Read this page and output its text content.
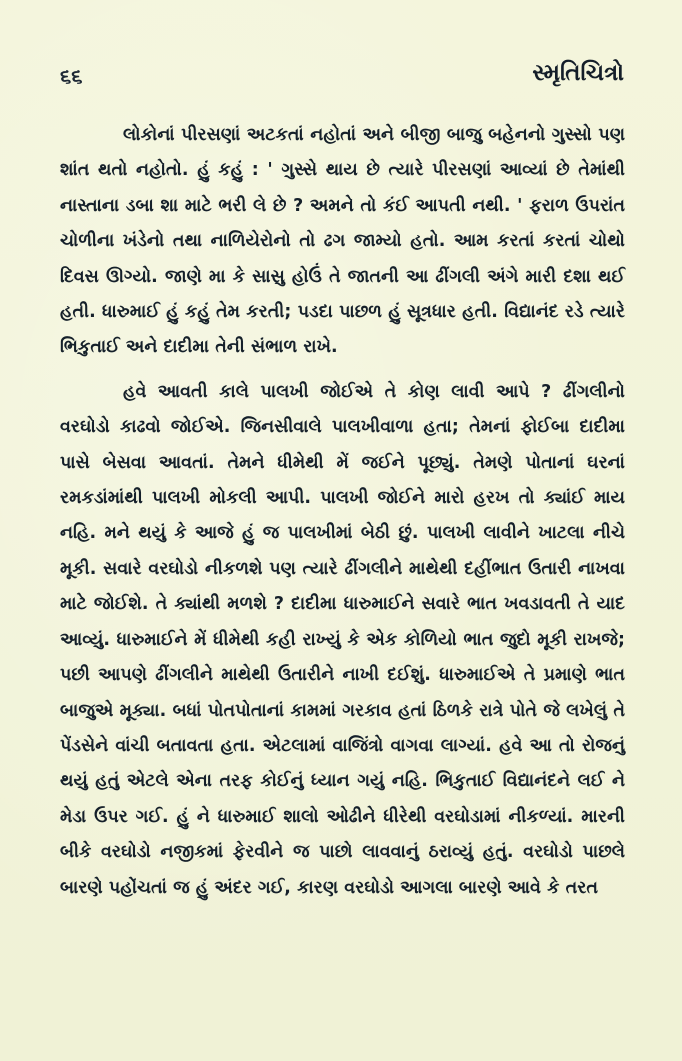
૬૬	સ્મૃતિચિત્રો

લોકોનાં પીરસણાં અટકતાં નહોતાં અને બીજી બાજુ બહેનનો ગુસ્સો પણ શાંત થતો નહોતો. હું કહું : ' ગુસ્સે થાય છે ત્યારે પીરસણાં આવ્યાં છે તેમાંથી નાસ્તાના ડબા શા માટે ભરી લે છે ? અમને તો કંઈ આપતી નથી. ' ફરાળ ઉપરાંત ચોળીના ખંડેનો તથા નાળિયેરોનો તો ઢગ જામ્યો હતો. આમ કરતાં કરતાં ચોથો દિવસ ઊગ્યો. જાણે મા કે સાસુ હોઉં તે જાતની આ ઢીંગલી અંગે મારી દશા થઈ હતી. ધારુમાઈ હું કહું તેમ કરતી; પડદા પાછળ હું સૂત્રધાર હતી. વિદ્યાનંદ રડે ત્યારે ભિકુતાઈ અને દાદીમા તેની સંભાળ રાખે.

હવે આવતી કાલે પાલખી જોઈએ તે કોણ લાવી આપે ? ઢીંગલીનો વરઘોડો કાઢવો જોઈએ. જિનસીવાલે પાલખીવાળા હતા; તેમનાં ફોઈબા દાદીમા પાસે બેસવા આવતાં. તેમને ધીમેથી મેં જઈને પૂછ્યું. તેમણે પોતાનાં ઘરનાં રમકડાંમાંથી પાલખી મોકલી આપી. પાલખી જોઈને મારો હરખ તો ક્યાંઈ માય નહિ. મને થયું કે આજે હું જ પાલખીમાં બેઠી છું. પાલખી લાવીને ખાટલા નીચે મૂકી. સવારે વરઘોડો નીકળશે પણ ત્યારે ઢીંગલીને માથેથી દહીંભાત ઉતારી નાખવા માટે જોઈશે. તે ક્યાંથી મળશે ? દાદીમા ધારુમાઈને સવારે ભાત ખવડાવતી તે યાદ આવ્યું. ધારુમાઈને મેં ધીમેથી કહી રાખ્યું કે એક કોળિયો ભાત જુદો મૂકી રાખજે; પછી આપણે ઢીંગલીને માથેથી ઉતારીને નાખી દઈશું. ધારુમાઈએ તે પ્રમાણે ભાત બાજુએ મૂક્યા. બધાં પોતપોતાનાં કામમાં ગરકાવ હતાં ઠિળકે રાત્રે પોતે જે લખેલું તે પેંડસેને વાંચી બતાવતા હતા. એટલામાં વાજિંત્રો વાગવા લાગ્યાં. હવે આ તો રોજનું થયું હતું એટલે એના તરફ કોઈનું ધ્યાન ગયું નહિ. ભિકુતાઈ વિદ્યાનંદને લઈ ને મેડા ઉપર ગઈ. હું ને ધારુમાઈ શાલો ઓઢીને ધીરેથી વરઘોડામાં નીકળ્યાં. મારની બીકે વરઘોડો નજીકમાં ફેરવીને જ પાછો લાવવાનું ઠરાવ્યું હતું. વરઘોડો પાછલે બારણે પહોંચતાં જ હું અંદર ગઈ, કારણ વરઘોડો આગલા બારણે આવે કે તરત
